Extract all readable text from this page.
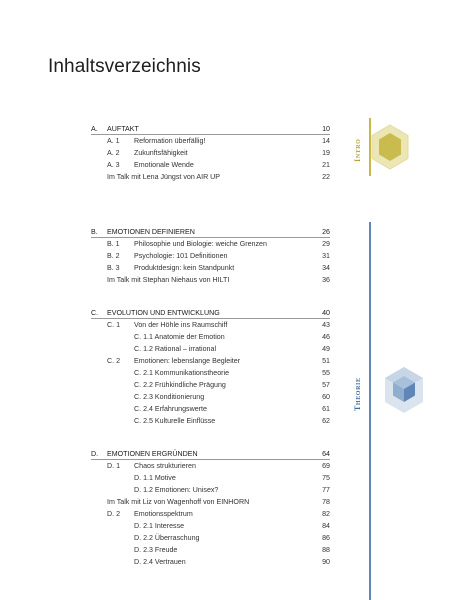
Inhaltsverzeichnis
A. AUFTAKT	10
A. 1 Reformation überfällig!	14
A. 2 Zukunftsfähigkeit	19
A. 3 Emotionale Wende	21
Im Talk mit Lena Jüngst von AIR UP	22
B. EMOTIONEN DEFINIEREN	26
B. 1 Philosophie und Biologie: weiche Grenzen	29
B. 2 Psychologie: 101 Definitionen	31
B. 3 Produktdesign: kein Standpunkt	34
Im Talk mit Stephan Niehaus von HILTI	36
C. EVOLUTION UND ENTWICKLUNG	40
C. 1 Von der Höhle ins Raumschiff	43
C. 1.1 Anatomie der Emotion	46
C. 1.2 Rational – irrational	49
C. 2 Emotionen: lebenslange Begleiter	51
C. 2.1 Kommunikationstheorie	55
C. 2.2 Frühkindliche Prägung	57
C. 2.3 Konditionierung	60
C. 2.4 Erfahrungswerte	61
C. 2.5 Kulturelle Einflüsse	62
D. EMOTIONEN ERGRÜNDEN	64
D. 1 Chaos strukturieren	69
D. 1.1 Motive	75
D. 1.2 Emotionen: Unisex?	77
Im Talk mit Liz von Wagenhoff von EINHORN	78
D. 2 Emotionsspektrum	82
D. 2.1 Interesse	84
D. 2.2 Überraschung	86
D. 2.3 Freude	88
D. 2.4 Vertrauen	90
Intro
Theorie
